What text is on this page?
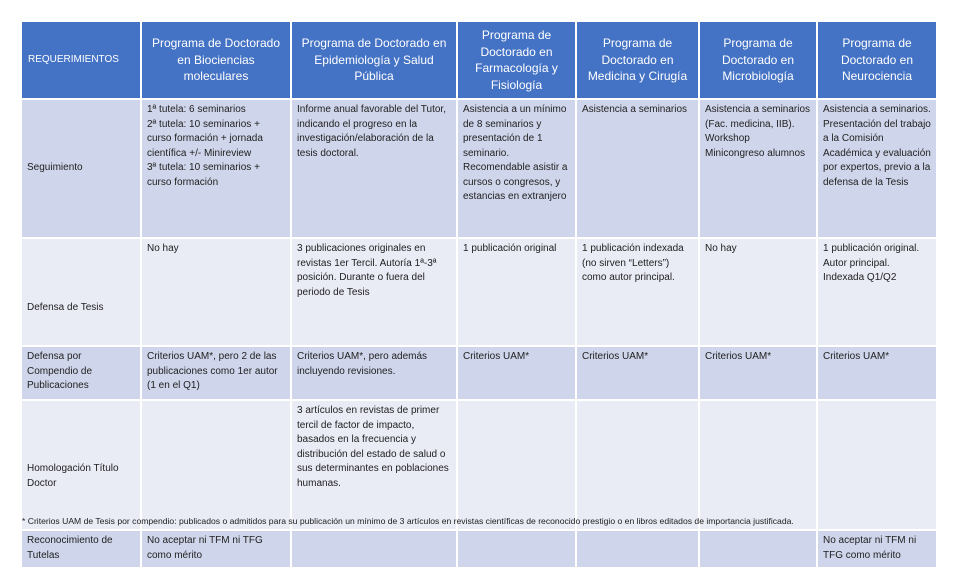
REQUERIMIENTOS	Programa de Doctorado en Biociencias moleculares	Programa de Doctorado en Epidemiología y Salud Pública	Programa de Doctorado en Farmacología y Fisiología	Programa de Doctorado en Medicina y Cirugía	Programa de Doctorado en Microbiología	Programa de Doctorado en Neurociencia
Seguimiento	1ª tutela: 6 seminarios
2ª tutela: 10 seminarios + curso formación + jornada científica +/- Minireview
3ª tutela: 10 seminarios + curso formación	Informe anual favorable del Tutor, indicando el progreso en la investigación/elaboración de la tesis doctoral.	Asistencia a un mínimo de 8 seminarios y presentación de 1 seminario. Recomendable asistir a cursos o congresos, y estancias en extranjero	Asistencia a seminarios	Asistencia a seminarios (Fac. medicina, IIB). Workshop Minicongreso alumnos	Asistencia a seminarios. Presentación del trabajo a la Comisión Académica y evaluación por expertos, previo a la defensa de la Tesis
Defensa de Tesis	No hay	3 publicaciones originales en revistas 1er Tercil. Autoría 1ª-3ª posición. Durante o fuera del periodo de Tesis	1 publicación original	1 publicación indexada (no sirven “Letters”) como autor principal.	No hay	1 publicación original. Autor principal. Indexada Q1/Q2
Defensa por Compendio de Publicaciones	Criterios UAM*, pero 2 de las publicaciones como 1er autor (1 en el Q1)	Criterios UAM*, pero además incluyendo revisiones.	Criterios UAM*	Criterios UAM*	Criterios UAM*	Criterios UAM*
Homologación Título Doctor		3 artículos en revistas de primer tercil de factor de impacto, basados en la frecuencia y distribución del estado de salud o sus determinantes en poblaciones humanas.				
Reconocimiento de Tutelas	No aceptar ni TFM ni TFG como mérito					No aceptar ni TFM ni TFG como mérito
* Criterios UAM de Tesis por compendio: publicados o admitidos para su publicación un mínimo de 3 artículos en revistas científicas de reconocido prestigio o en libros editados de importancia justificada.
